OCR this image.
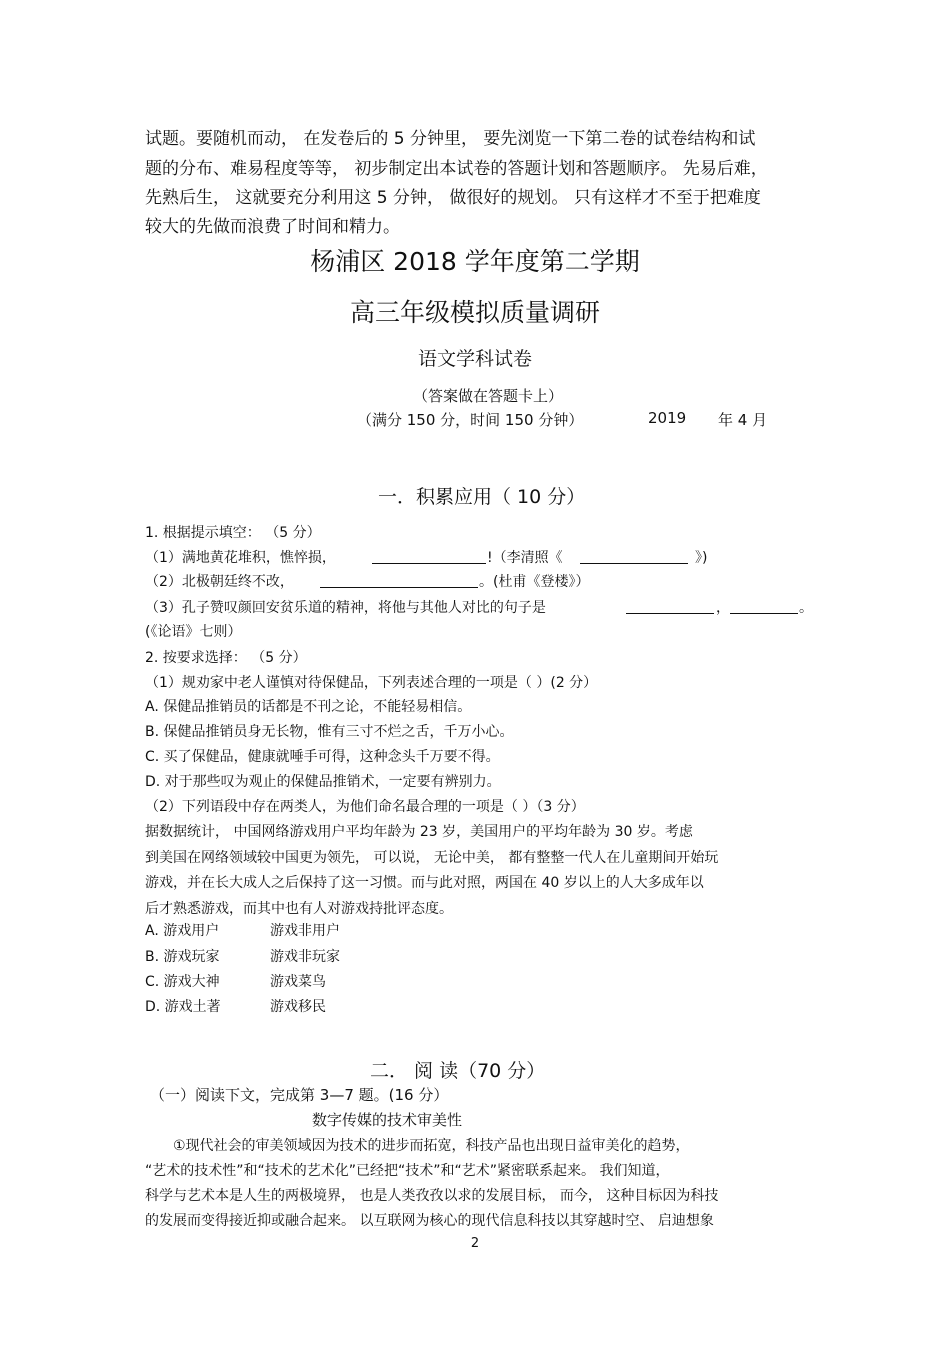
试题。要随机而动， 在发卷后的 5 分钟里， 要先浏览一下第二卷的试卷结构和试
题的分布、难易程度等等， 初步制定出本试卷的答题计划和答题顺序。 先易后难，
先熟后生， 这就要充分利用这 5 分钟， 做很好的规划。 只有这样才不至于把难度
较大的先做而浪费了时间和精力。
杨浦区 2018 学年度第二学期
高三年级模拟质量调研
语文学科试卷
（答案做在答题卡上）
（满分 150 分，时间 150 分钟）	2019 年 4 月
一．积累应用（ 10 分）
1. 根据提示填空： （5 分）
（1）满地黄花堆积，憔悴损，	!（李清照《	》)
（2）北极朝廷终不改，	。(杜甫《登楼》）
（3）孔子赞叹颜回安贫乐道的精神，将他与其他人对比的句子是	，	。
(《论语》七则）
2. 按要求选择： （5 分）
（1）规劝家中老人谨慎对待保健品，下列表述合理的一项是（ ）(2 分）
A. 保健品推销员的话都是不刊之论，不能轻易相信。
B. 保健品推销员身无长物，惟有三寸不烂之舌，千万小心。
C. 买了保健品，健康就唾手可得，这种念头千万要不得。
D. 对于那些叹为观止的保健品推销术，一定要有辨别力。
（2）下列语段中存在两类人，为他们命名最合理的一项是（ ）（3 分）
据数据统计， 中国网络游戏用户平均年龄为 23 岁，美国用户的平均年龄为 30 岁。考虑
到美国在网络领域较中国更为领先， 可以说， 无论中美， 都有整整一代人在儿童期间开始玩
游戏，并在长大成人之后保持了这一习惯。而与此对照，两国在 40 岁以上的人大多成年以
后才熟悉游戏，而其中也有人对游戏持批评态度。
A. 游戏用户	游戏非用户
B. 游戏玩家	游戏非玩家
C. 游戏大神	游戏菜鸟
D. 游戏土著	游戏移民
二． 阅 读（70 分）
（一）阅读下文，完成第 3—7 题。(16 分）
数字传媒的技术审美性
①现代社会的审美领域因为技术的进步而拓宽，科技产品也出现日益审美化的趋势，
“艺术的技术性”和“技术的艺术化”已经把“技术”和“艺术”紧密联系起来。 我们知道，
科学与艺术本是人生的两极境界， 也是人类孜孜以求的发展目标， 而今， 这种目标因为科技
的发展而变得接近抑或融合起来。 以互联网为核心的现代信息科技以其穿越时空、 启迪想象
2
